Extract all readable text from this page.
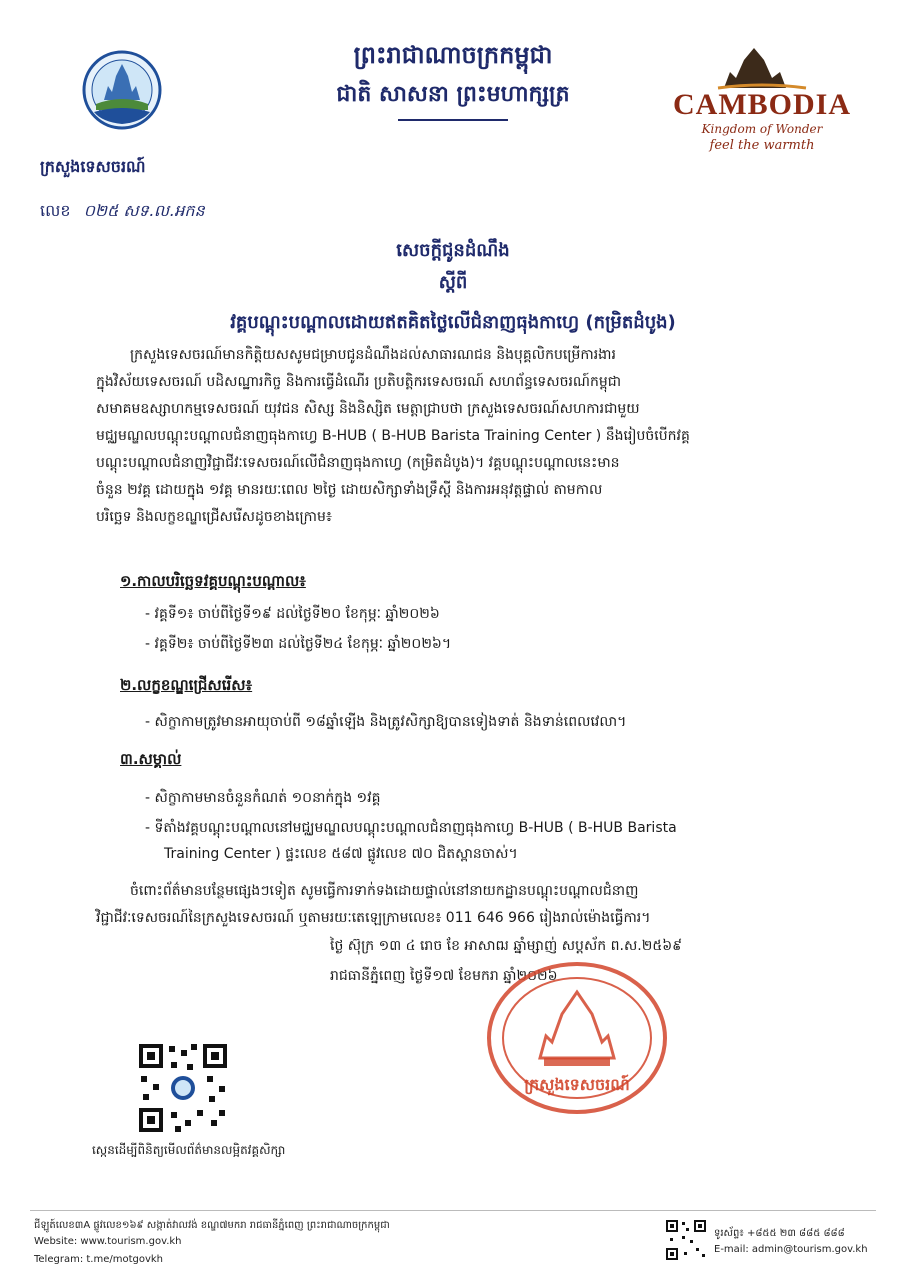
ព្រះរាជាណាចក្រកម្ពុជា
ជាតិ សាសនា ព្រះមហាក្សត្រ	CAMBODIA
Kingdom of Wonder
feel the warmth
ក្រសួងទេសចរណ៍
លេខ ០២៥ សទ.ល.អកន
សេចក្តីជូនដំណឹង
ស្តីពី
វគ្គបណ្តុះបណ្តាលដោយឥតគិតថ្លៃលើជំនាញធុងកាហ្វេ (កម្រិតដំបូង)
ក្រសួងទេសចរណ៍មានកិត្តិយសសូមជម្រាបជូនដំណឹងដល់សាធារណជន និងបុគ្គលិកបម្រើការងារ
ក្នុងវិស័យទេសចរណ៍ បដិសណ្ឋារកិច្ច និងការធ្វើដំណើរ ប្រតិបត្តិករទេសចរណ៍ សហព័ន្ធទេសចរណ៍កម្ពុជា
សមាគមឧស្សាហកម្មទេសចរណ៍ យុវជន សិស្ស និងនិស្សិត មេត្តាជ្រាបថា ក្រសួងទេសចរណ៍សហការជាមួយ
មជ្ឈមណ្ឌលបណ្តុះបណ្តាលជំនាញធុងកាហ្វេ B-HUB ( B-HUB Barista Training Center ) នឹងរៀបចំបើកវគ្គ
បណ្តុះបណ្តាលជំនាញវិជ្ជាជីវៈទេសចរណ៍លើជំនាញធុងកាហ្វេ (កម្រិតដំបូង)។ វគ្គបណ្តុះបណ្តាលនេះមាន
ចំនួន ២វគ្គ ដោយក្នុង ១វគ្គ មានរយៈពេល ២ថ្ងៃ ដោយសិក្សាទាំងទ្រឹស្តី និងការអនុវត្តផ្ទាល់ តាមកាល
បរិច្ឆេទ និងលក្ខខណ្ឌជ្រើសរើសដូចខាងក្រោម៖
១.កាលបរិច្ឆេទវគ្គបណ្តុះបណ្តាល៖
- វគ្គទី១៖ ចាប់ពីថ្ងៃទី១៩ ដល់ថ្ងៃទី២០ ខែកុម្ភៈ ឆ្នាំ២០២៦
- វគ្គទី២៖ ចាប់ពីថ្ងៃទី២៣ ដល់ថ្ងៃទី២៤ ខែកុម្ភៈ ឆ្នាំ២០២៦។
២.លក្ខខណ្ឌជ្រើសរើស៖
- សិក្ខាកាមត្រូវមានអាយុចាប់ពី ១៨ឆ្នាំឡើង និងត្រូវសិក្សាឱ្យបានទៀងទាត់ និងទាន់ពេលវេលា។
៣.សម្គាល់
- សិក្ខាកាមមានចំនួនកំណត់ ១០នាក់ក្នុង ១វគ្គ
- ទីតាំងវគ្គបណ្តុះបណ្តាលនៅមជ្ឈមណ្ឌលបណ្តុះបណ្តាលជំនាញធុងកាហ្វេ B-HUB ( B-HUB Barista
Training Center ) ផ្ទះលេខ ៥៨៧ ផ្លូវលេខ ៧០ ជិតស្ពានចាស់។
ចំពោះព័ត៌មានបន្ថែមផ្សេងៗទៀត សូមធ្វើការទាក់ទងដោយផ្ទាល់នៅនាយកដ្ឋានបណ្តុះបណ្តាលជំនាញ
វិជ្ជាជីវៈទេសចរណ៍នៃក្រសួងទេសចរណ៍ ឬតាមរយៈតេឡេក្រាមលេខ៖ 011 646 966 រៀងរាល់ម៉ោងធ្វើការ។
ថ្ងៃ ស៊ុក្រ ១៣ ៤ រោច ខែ អាសាឍ ឆ្នាំម្សាញ់ សប្តស័ក ព.ស.២៥៦៩
រាជធានីភ្នំពេញ ថ្ងៃទី១៧ ខែមករា ឆ្នាំ២០២៦
ក្រសួងទេសចរណ៍
ស្កេនដើម្បីពិនិត្យមើលព័ត៌មានលម្អិតវគ្គសិក្សា
ជីឡូត៍លេខ៣A ផ្លូវលេខ១៦៩ សង្កាត់វាលវង់ ខណ្ឌ៧មករា រាជធានីភ្នំពេញ ព្រះរាជាណាចក្រកម្ពុជា
Website: www.tourism.gov.kh
Telegram: t.me/motgovkh
ទូរស័ព្ទ៖ +៨៥៥ ២៣ ៨៨៥ ៨៨៨
E-mail: admin@tourism.gov.kh
